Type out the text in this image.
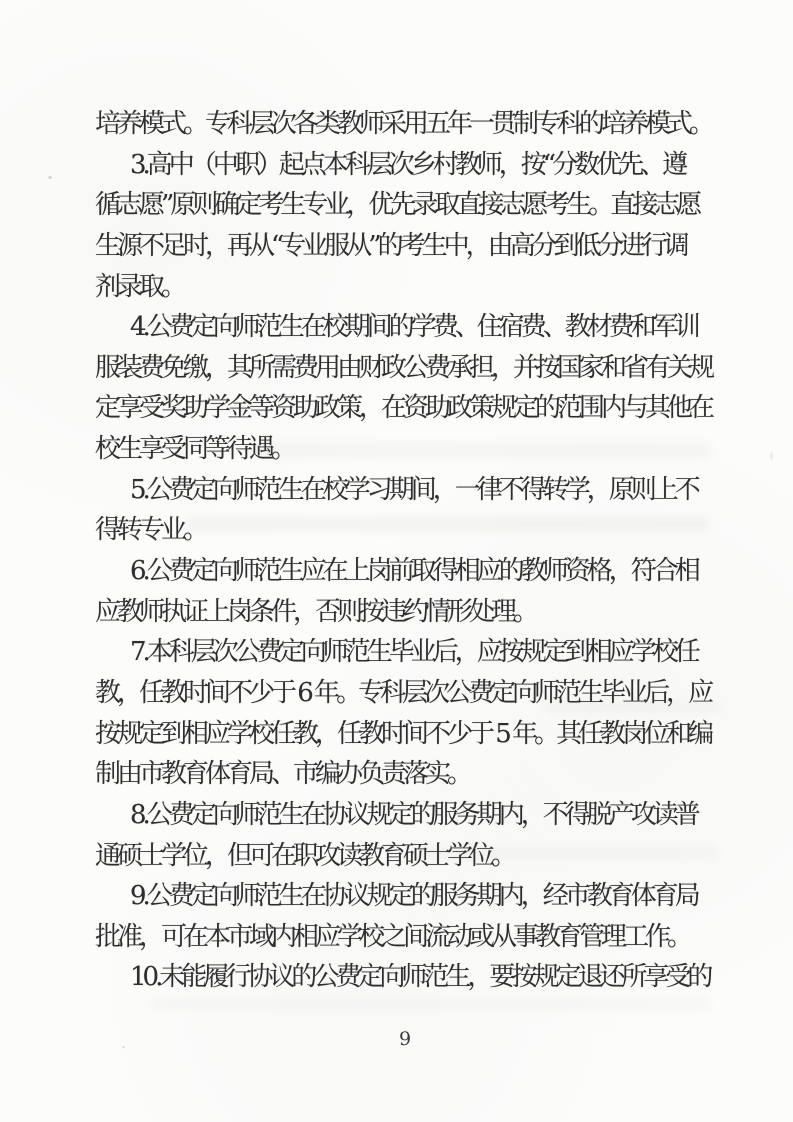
培养模式。专科层次各类教师采用五年一贯制专科的培养模式。
3.高中（中职）起点本科层次乡村教师，按“分数优先、遵
循志愿”原则确定考生专业，优先录取直接志愿考生。直接志愿
生源不足时，再从“专业服从”的考生中，由高分到低分进行调
剂录取。
4.公费定向师范生在校期间的学费、住宿费、教材费和军训
服装费免缴，其所需费用由财政公费承担，并按国家和省有关规
定享受奖助学金等资助政策，在资助政策规定的范围内与其他在
校生享受同等待遇。
5.公费定向师范生在校学习期间，一律不得转学，原则上不
得转专业。
6.公费定向师范生应在上岗前取得相应的教师资格，符合相
应教师执证上岗条件，否则按违约情形处理。
7.本科层次公费定向师范生毕业后，应按规定到相应学校任
教，任教时间不少于 6 年。专科层次公费定向师范生毕业后，应
按规定到相应学校任教，任教时间不少于 5 年。其任教岗位和编
制由市教育体育局、市编办负责落实。
8.公费定向师范生在协议规定的服务期内，不得脱产攻读普
通硕士学位，但可在职攻读教育硕士学位。
9.公费定向师范生在协议规定的服务期内，经市教育体育局
批准，可在本市域内相应学校之间流动或从事教育管理工作。
10.未能履行协议的公费定向师范生，要按规定退还所享受的
9
